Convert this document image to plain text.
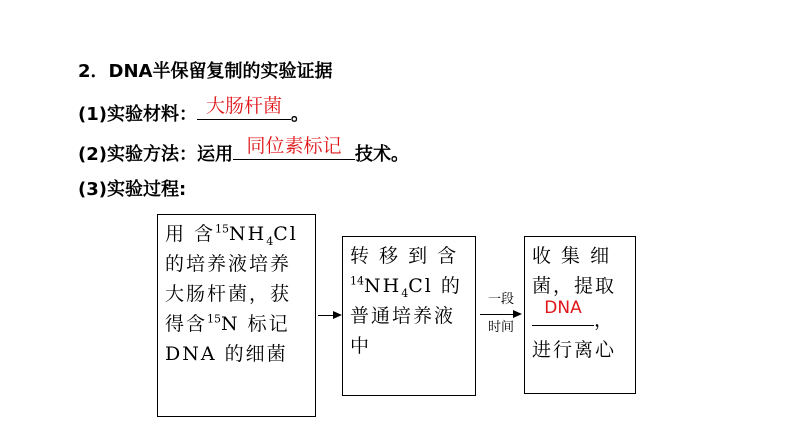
2．DNA半保留复制的实验证据
(1)实验材料： 大肠杆菌 。
(2)实验方法：运用 同位素标记 技术。
(3)实验过程:
用 含$^{15}NH_4Cl$
的培养液培养
大肠杆菌，获
得含$^{15}$N 标记
DNA 的细菌
转 移 到 含
$^{14}NH_4Cl$ 的
普通培养液
中
一段
时间
收 集 细
菌，提取
DNA
，
进行离心
